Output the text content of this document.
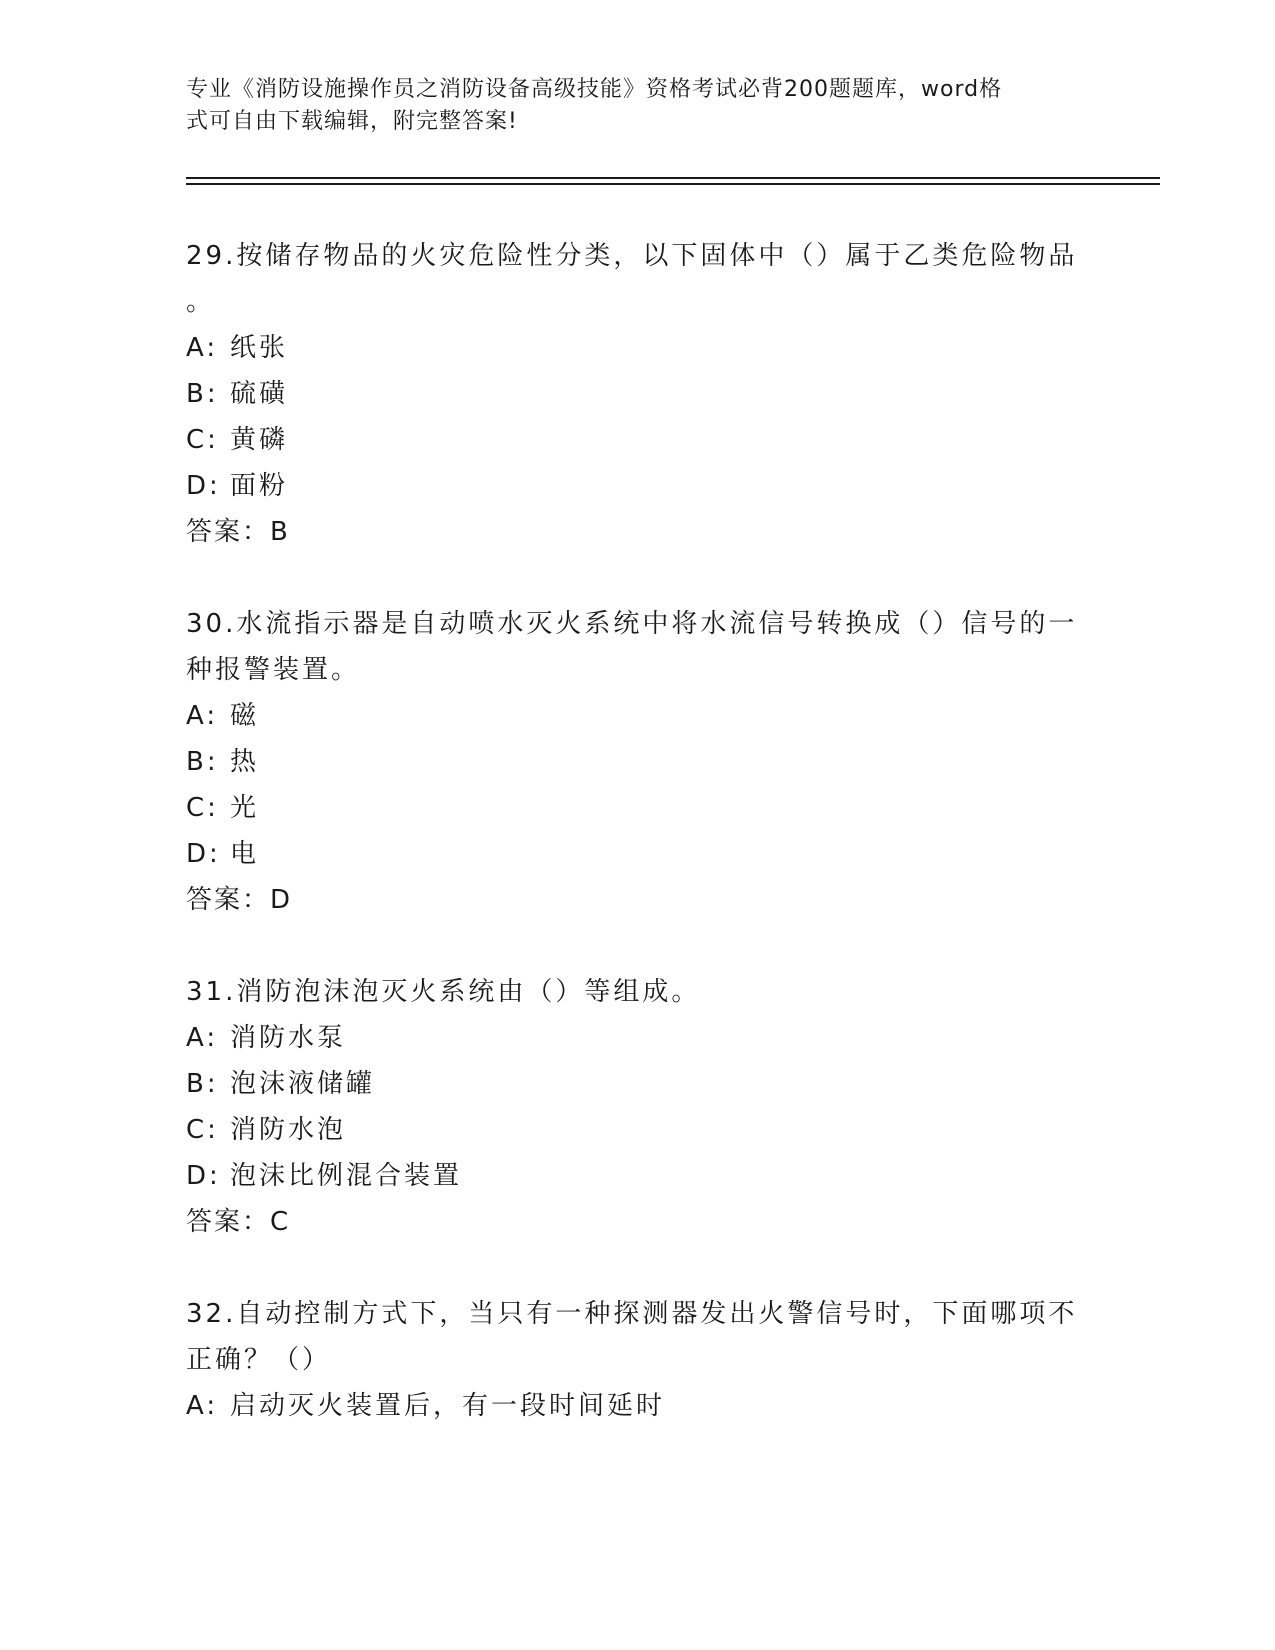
专业《消防设施操作员之消防设备高级技能》资格考试必背200题题库，word格
式可自由下载编辑，附完整答案!
29.按储存物品的火灾危险性分类，以下固体中（）属于乙类危险物品
。
A: 纸张
B: 硫磺
C: 黄磷
D: 面粉
答案：B
30.水流指示器是自动喷水灭火系统中将水流信号转换成（）信号的一
种报警装置。
A: 磁
B: 热
C: 光
D: 电
答案：D
31.消防泡沫泡灭火系统由（）等组成。
A: 消防水泵
B: 泡沫液储罐
C: 消防水泡
D: 泡沫比例混合装置
答案：C
32.自动控制方式下，当只有一种探测器发出火警信号时，下面哪项不
正确？（）
A: 启动灭火装置后，有一段时间延时
